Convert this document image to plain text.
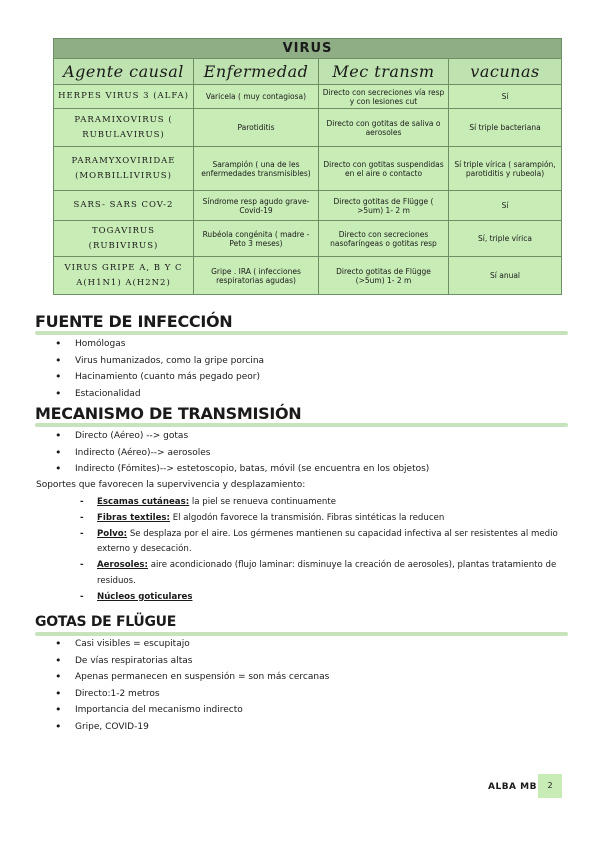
VIRUS			
Agente causal	Enfermedad	Mec transm	vacunas
HERPES VIRUS 3 (ALFA)	Varicela ( muy contagiosa)	Directo con secreciones vía resp y con lesiones cut	Sí
PARAMIXOVIRUS ( RUBULAVIRUS)	Parotiditis	Directo con gotitas de saliva o aerosoles	Sí triple bacteriana
PARAMYXOVIRIDAE (MORBILLIVIRUS)	Sarampión ( una de les enfermedades transmisibles)	Directo con gotitas suspendidas en el aire o contacto	Sí triple vírica ( sarampión, parotiditis y rubeola)
SARS- SARS COV-2	Síndrome resp agudo grave- Covid-19	Directo gotitas de Flügge ( >5um) 1- 2 m	Sí
TOGAVIRUS (RUBIVIRUS)	Rubéola congénita ( madre - Peto 3 meses)	Directo con secreciones nasofaríngeas o gotitas resp	Sí, triple vírica
VIRUS GRIPE A, B Y C A(H1N1) A(H2N2)	Gripe . IRA ( infecciones respiratorias agudas)	Directo gotitas de Flügge (>5um) 1- 2 m	Sí anual
FUENTE DE INFECCIÓN
• Homólogas
• Virus humanizados, como la gripe porcina
• Hacinamiento (cuanto más pegado peor)
• Estacionalidad
MECANISMO DE TRANSMISIÓN
• Directo (Aéreo) --> gotas
• Indirecto (Aéreo)--> aerosoles
• Indirecto (Fómites)--> estetoscopio, batas, móvil (se encuentra en los objetos)
Soportes que favorecen la supervivencia y desplazamiento:
- Escamas cutáneas: la piel se renueva continuamente
- Fibras textiles: El algodón favorece la transmisión. Fibras sintéticas la reducen
- Polvo: Se desplaza por el aire. Los gérmenes mantienen su capacidad infectiva al ser resistentes al medio externo y desecación.
- Aerosoles: aire acondicionado (flujo laminar: disminuye la creación de aerosoles), plantas tratamiento de residuos.
- Núcleos goticulares
GOTAS DE FLÜGUE
• Casi visibles = escupitajo
• De vías respiratorias altas
• Apenas permanecen en suspensión = son más cercanas
• Directo:1-2 metros
• Importancia del mecanismo indirecto
• Gripe, COVID-19
ALBA MB	2
